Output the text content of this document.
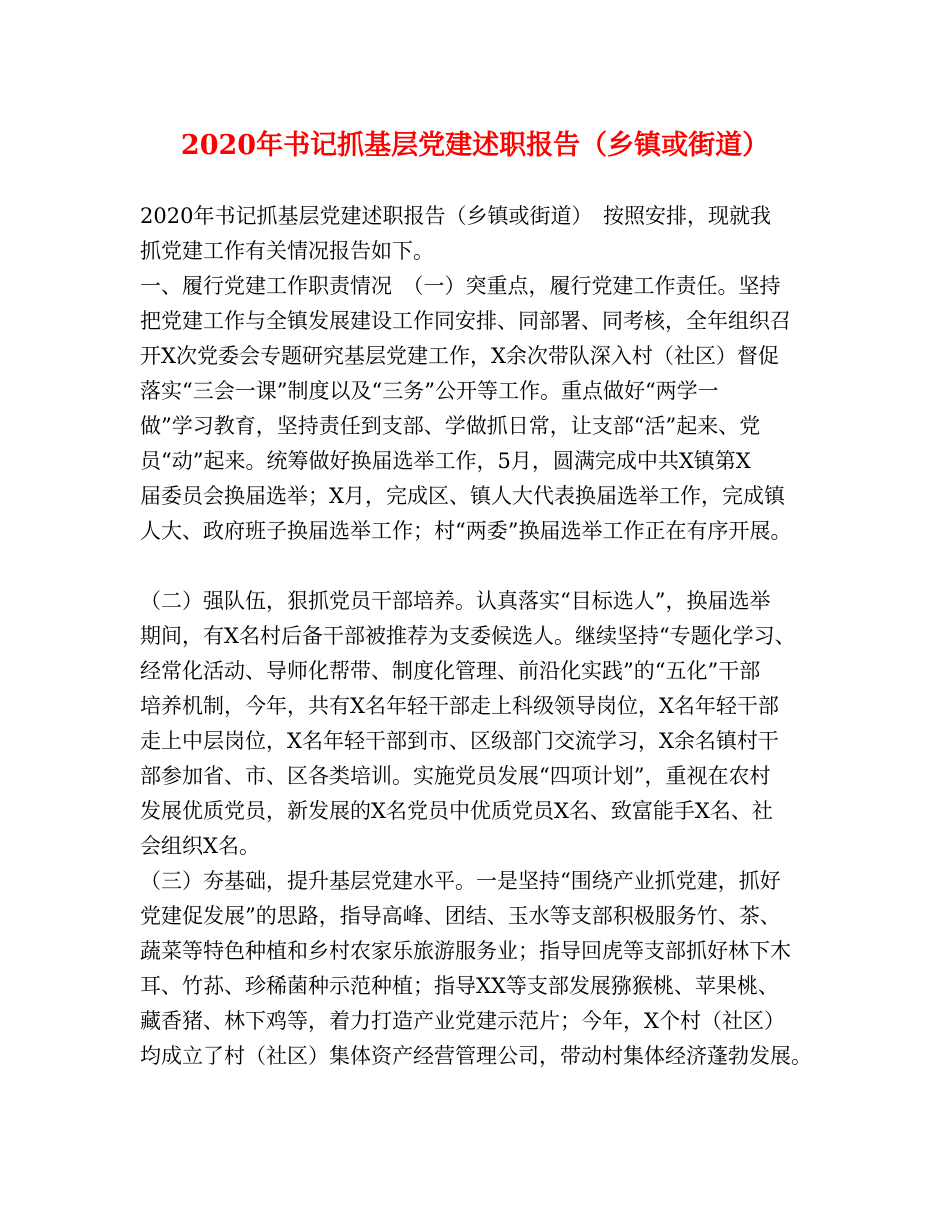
2020年书记抓基层党建述职报告（乡镇或街道）
2020年书记抓基层党建述职报告（乡镇或街道）　按照安排，现就我
抓党建工作有关情况报告如下。
一、履行党建工作职责情况　（一）突重点，履行党建工作责任。坚持
把党建工作与全镇发展建设工作同安排、同部署、同考核，全年组织召
开X次党委会专题研究基层党建工作，X余次带队深入村（社区）督促
落实“三会一课”制度以及“三务”公开等工作。重点做好“两学一
做”学习教育，坚持责任到支部、学做抓日常，让支部“活”起来、党
员“动”起来。统筹做好换届选举工作，5月，圆满完成中共X镇第X
届委员会换届选举；X月，完成区、镇人大代表换届选举工作，完成镇
人大、政府班子换届选举工作；村“两委”换届选举工作正在有序开展。
（二）强队伍，狠抓党员干部培养。认真落实“目标选人”，换届选举
期间，有X名村后备干部被推荐为支委候选人。继续坚持“专题化学习、
经常化活动、导师化帮带、制度化管理、前沿化实践”的“五化”干部
培养机制，今年，共有X名年轻干部走上科级领导岗位，X名年轻干部
走上中层岗位，X名年轻干部到市、区级部门交流学习，X余名镇村干
部参加省、市、区各类培训。实施党员发展“四项计划”，重视在农村
发展优质党员，新发展的X名党员中优质党员X名、致富能手X名、社
会组织X名。
（三）夯基础，提升基层党建水平。一是坚持“围绕产业抓党建，抓好
党建促发展”的思路，指导高峰、团结、玉水等支部积极服务竹、茶、
蔬菜等特色种植和乡村农家乐旅游服务业；指导回虎等支部抓好林下木
耳、竹荪、珍稀菌种示范种植；指导XX等支部发展猕猴桃、苹果桃、
藏香猪、林下鸡等，着力打造产业党建示范片；今年，X个村（社区）
均成立了村（社区）集体资产经营管理公司，带动村集体经济蓬勃发展。
